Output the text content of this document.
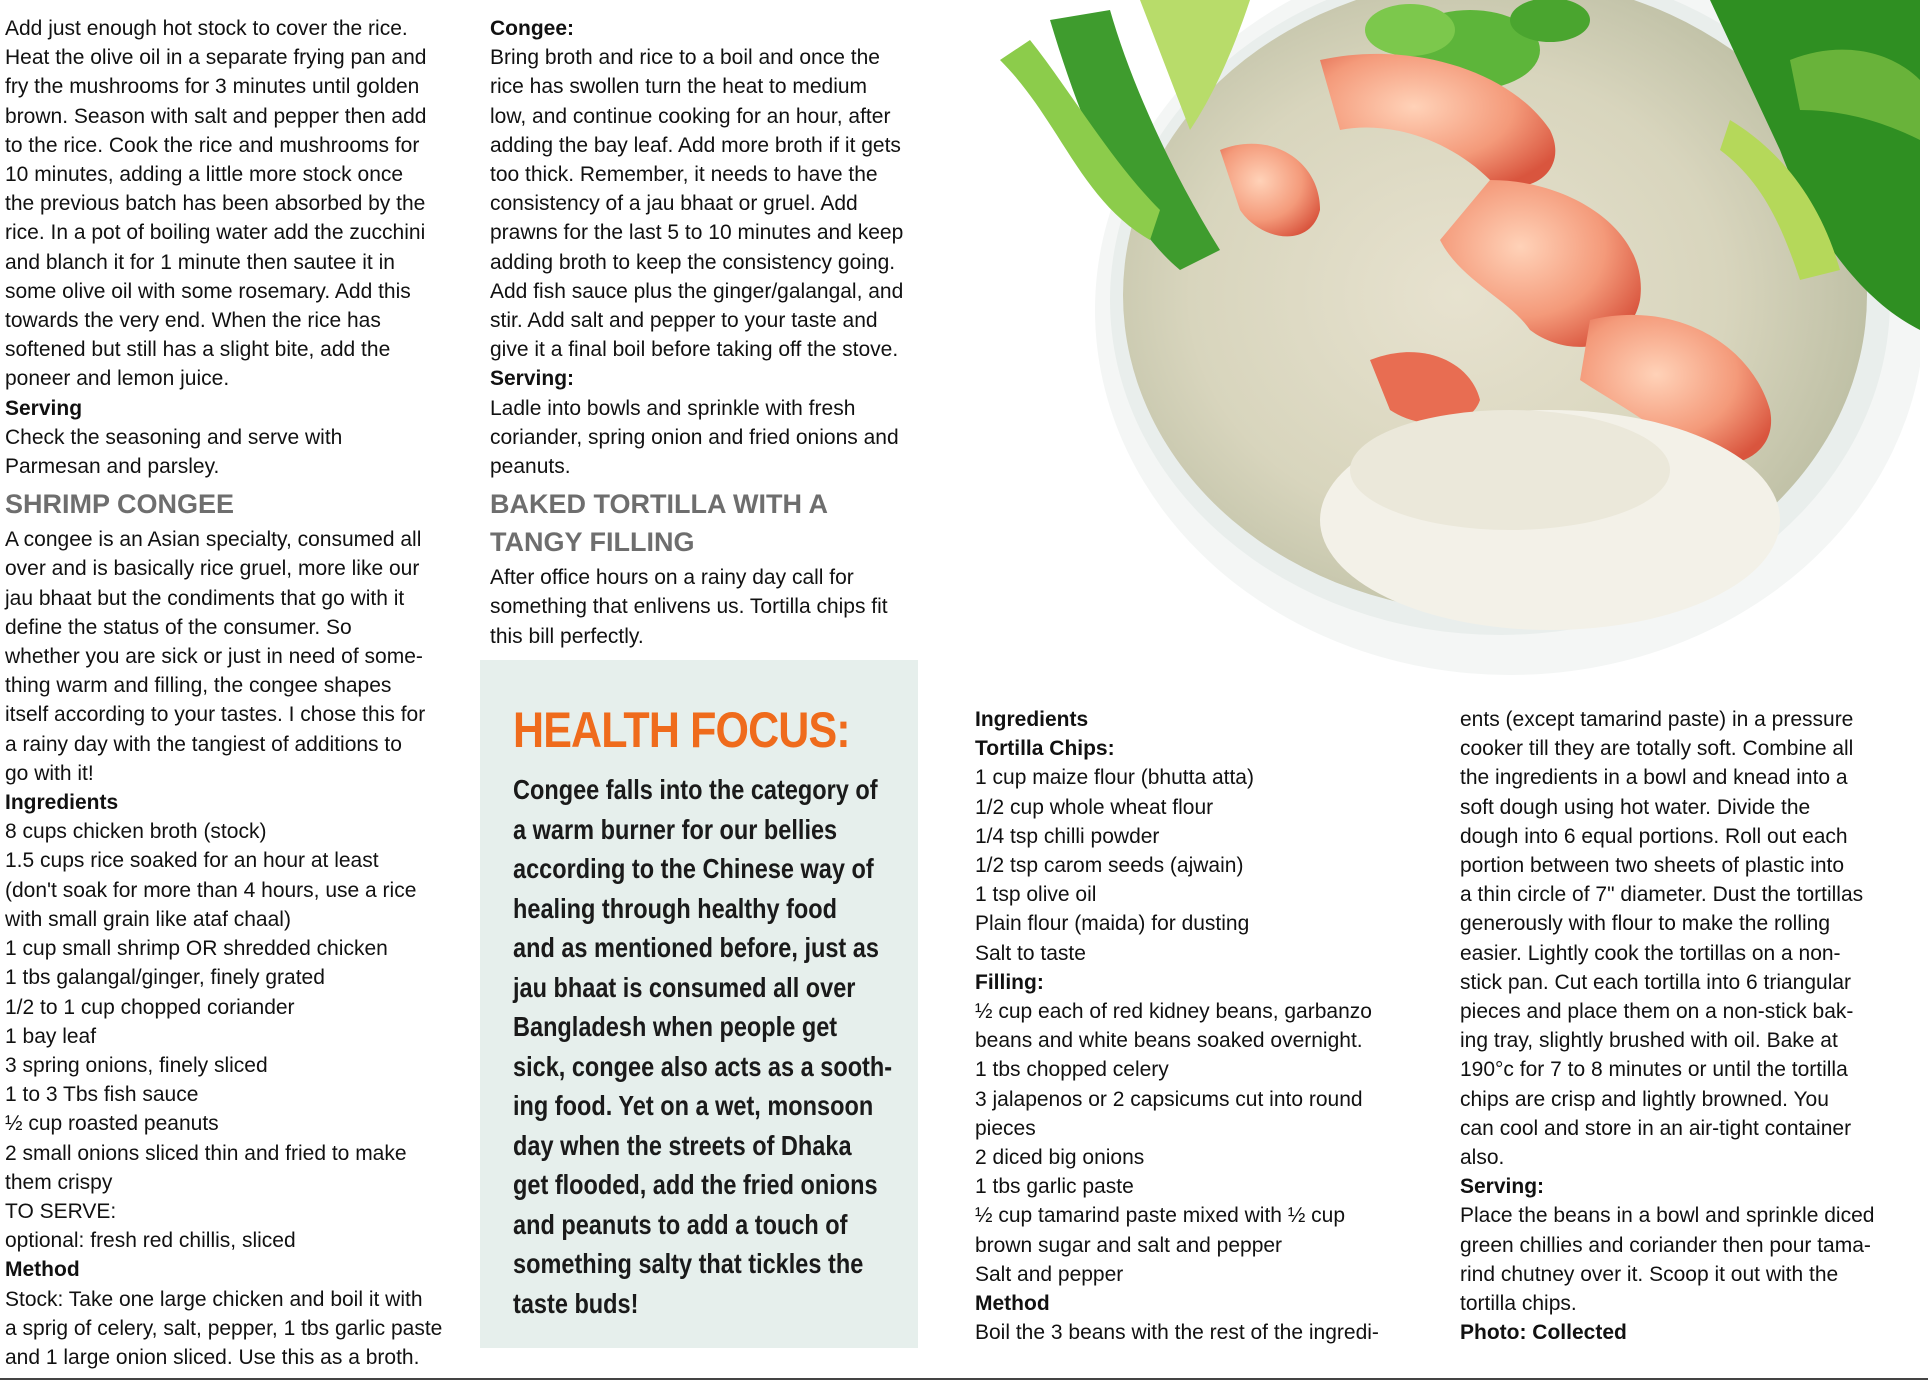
Add just enough hot stock to cover the rice.
Heat the olive oil in a separate frying pan and
fry the mushrooms for 3 minutes until golden
brown. Season with salt and pepper then add
to the rice. Cook the rice and mushrooms for
10 minutes, adding a little more stock once
the previous batch has been absorbed by the
rice. In a pot of boiling water add the zucchini
and blanch it for 1 minute then sautee it in
some olive oil with some rosemary. Add this
towards the very end. When the rice has
softened but still has a slight bite, add the
poneer and lemon juice.
Serving
Check the seasoning and serve with
Parmesan and parsley.
SHRIMP CONGEE
A congee is an Asian specialty, consumed all
over and is basically rice gruel, more like our
jau bhaat but the condiments that go with it
define the status of the consumer. So
whether you are sick or just in need of some-
thing warm and filling, the congee shapes
itself according to your tastes. I chose this for
a rainy day with the tangiest of additions to
go with it!
Ingredients
8 cups chicken broth (stock)
1.5 cups rice soaked for an hour at least
(don't soak for more than 4 hours, use a rice
with small grain like ataf chaal)
1 cup small shrimp OR shredded chicken
1 tbs galangal/ginger, finely grated
1/2 to 1 cup chopped coriander
1 bay leaf
3 spring onions, finely sliced
1 to 3 Tbs fish sauce
½ cup roasted peanuts
2 small onions sliced thin and fried to make
them crispy
TO SERVE:
optional: fresh red chillis, sliced
Method
Stock: Take one large chicken and boil it with
a sprig of celery, salt, pepper, 1 tbs garlic paste
and 1 large onion sliced. Use this as a broth.
Congee:
Bring broth and rice to a boil and once the
rice has swollen turn the heat to medium
low, and continue cooking for an hour, after
adding the bay leaf. Add more broth if it gets
too thick. Remember, it needs to have the
consistency of a jau bhaat or gruel. Add
prawns for the last 5 to 10 minutes and keep
adding broth to keep the consistency going.
Add fish sauce plus the ginger/galangal, and
stir. Add salt and pepper to your taste and
give it a final boil before taking off the stove.
Serving:
Ladle into bowls and sprinkle with fresh
coriander, spring onion and fried onions and
peanuts.
BAKED TORTILLA WITH A
TANGY FILLING
After office hours on a rainy day call for
something that enlivens us. Tortilla chips fit
this bill perfectly.
HEALTH FOCUS:
Congee falls into the category of
a warm burner for our bellies
according to the Chinese way of
healing through healthy food
and as mentioned before, just as
jau bhaat is consumed all over
Bangladesh when people get
sick, congee also acts as a sooth-
ing food. Yet on a wet, monsoon
day when the streets of Dhaka
get flooded, add the fried onions
and peanuts to add a touch of
something salty that tickles the
taste buds!
Ingredients
Tortilla Chips:
1 cup maize flour (bhutta atta)
1/2 cup whole wheat flour
1/4 tsp chilli powder
1/2 tsp carom seeds (ajwain)
1 tsp olive oil
Plain flour (maida) for dusting
Salt to taste
Filling:
½ cup each of red kidney beans, garbanzo
beans and white beans soaked overnight.
1 tbs chopped celery
3 jalapenos or 2 capsicums cut into round
pieces
2 diced big onions
1 tbs garlic paste
½ cup tamarind paste mixed with ½ cup
brown sugar and salt and pepper
Salt and pepper
Method
Boil the 3 beans with the rest of the ingredi-
ents (except tamarind paste) in a pressure
cooker till they are totally soft. Combine all
the ingredients in a bowl and knead into a
soft dough using hot water. Divide the
dough into 6 equal portions. Roll out each
portion between two sheets of plastic into
a thin circle of 7" diameter. Dust the tortillas
generously with flour to make the rolling
easier. Lightly cook the tortillas on a non-
stick pan. Cut each tortilla into 6 triangular
pieces and place them on a non-stick bak-
ing tray, slightly brushed with oil. Bake at
190°c for 7 to 8 minutes or until the tortilla
chips are crisp and lightly browned. You
can cool and store in an air-tight container
also.
Serving:
Place the beans in a bowl and sprinkle diced
green chillies and coriander then pour tama-
rind chutney over it. Scoop it out with the
tortilla chips.
Photo: Collected
